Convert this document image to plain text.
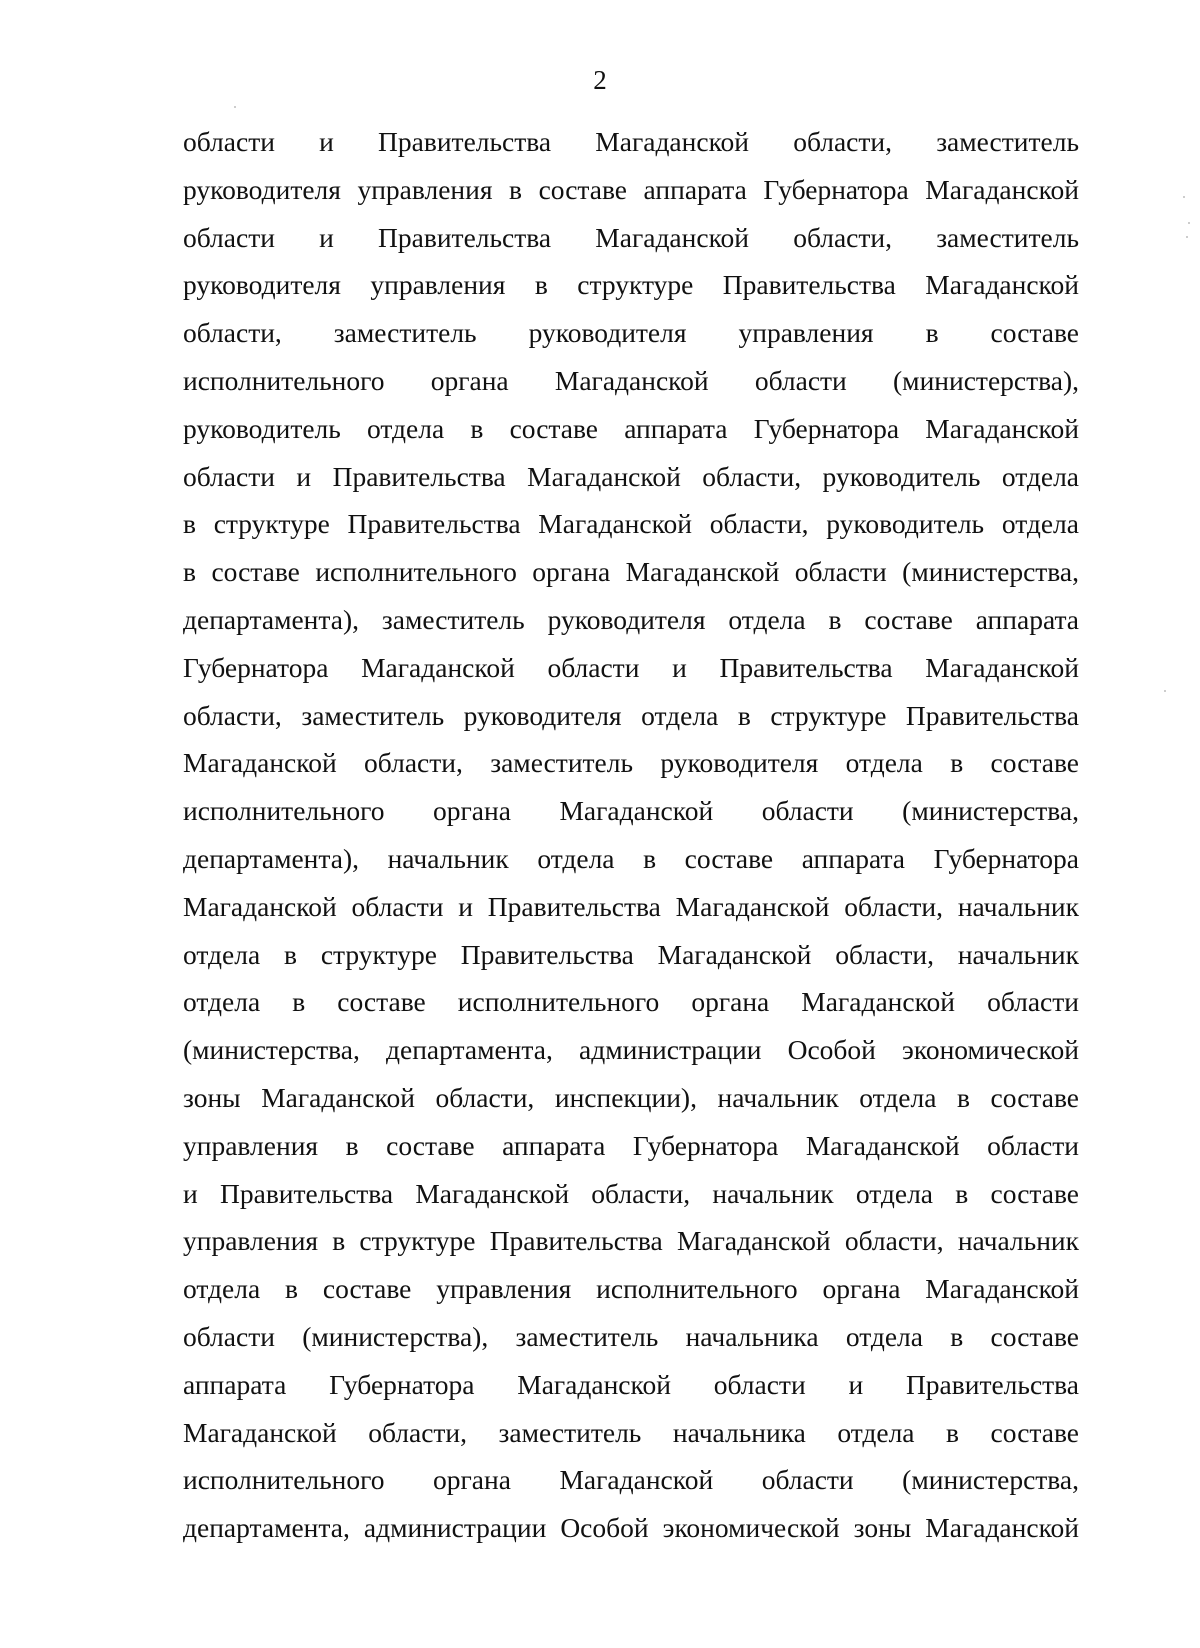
2
области и Правительства Магаданской области, заместитель
руководителя управления в составе аппарата Губернатора Магаданской
области и Правительства Магаданской области, заместитель
руководителя управления в структуре Правительства Магаданской
области, заместитель руководителя управления в составе
исполнительного органа Магаданской области (министерства),
руководитель отдела в составе аппарата Губернатора Магаданской
области и Правительства Магаданской области, руководитель отдела
в структуре Правительства Магаданской области, руководитель отдела
в составе исполнительного органа Магаданской области (министерства,
департамента), заместитель руководителя отдела в составе аппарата
Губернатора Магаданской области и Правительства Магаданской
области, заместитель руководителя отдела в структуре Правительства
Магаданской области, заместитель руководителя отдела в составе
исполнительного органа Магаданской области (министерства,
департамента), начальник отдела в составе аппарата Губернатора
Магаданской области и Правительства Магаданской области, начальник
отдела в структуре Правительства Магаданской области, начальник
отдела в составе исполнительного органа Магаданской области
(министерства, департамента, администрации Особой экономической
зоны Магаданской области, инспекции), начальник отдела в составе
управления в составе аппарата Губернатора Магаданской области
и Правительства Магаданской области, начальник отдела в составе
управления в структуре Правительства Магаданской области, начальник
отдела в составе управления исполнительного органа Магаданской
области (министерства), заместитель начальника отдела в составе
аппарата Губернатора Магаданской области и Правительства
Магаданской области, заместитель начальника отдела в составе
исполнительного органа Магаданской области (министерства,
департамента, администрации Особой экономической зоны Магаданской
